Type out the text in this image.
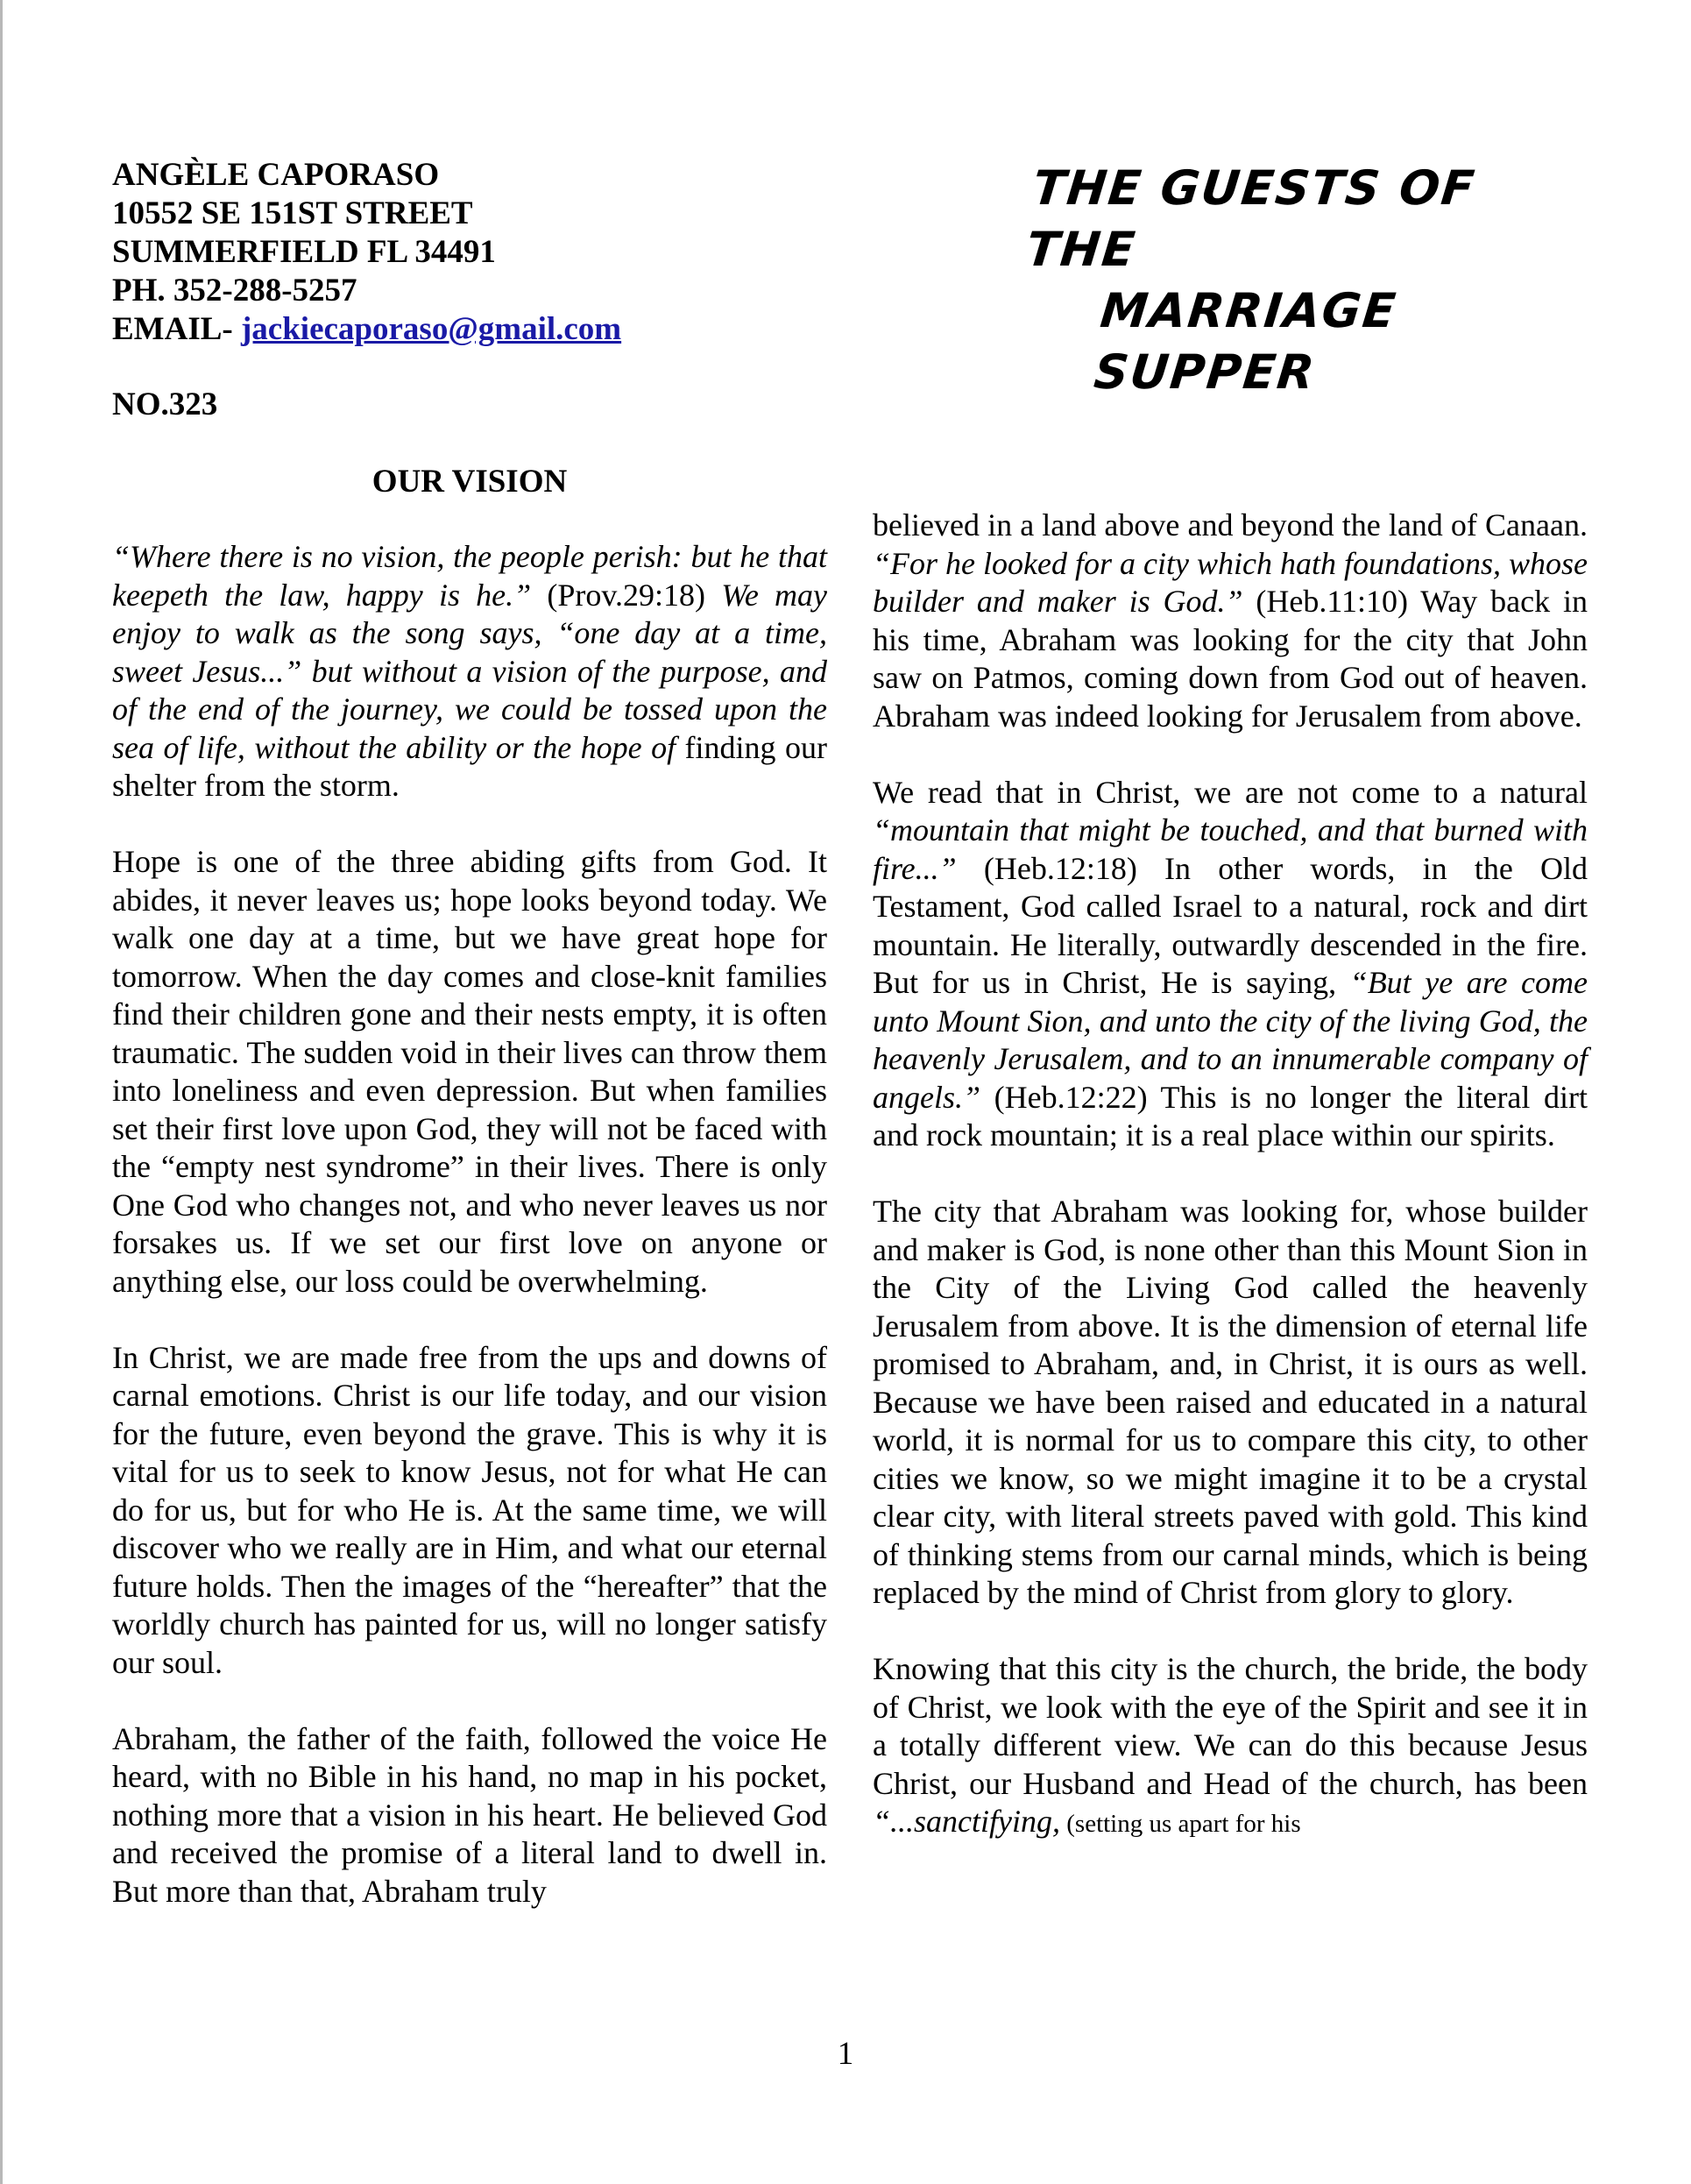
ANGÈLE CAPORASO
10552 SE 151ST STREET
SUMMERFIELD FL 34491
PH. 352-288-5257
EMAIL- jackiecaporaso@gmail.com
THE GUESTS OF THE
MARRIAGE SUPPER
NO.323
OUR VISION

“Where there is no vision, the people perish: but he that keepeth the law, happy is he.” (Prov.29:18) We may enjoy to walk as the song says, “one day at a time, sweet Jesus...” but without a vision of the purpose, and of the end of the journey, we could be tossed upon the sea of life, without the ability or the hope of finding our shelter from the storm.

Hope is one of the three abiding gifts from God. It abides, it never leaves us; hope looks beyond today. We walk one day at a time, but we have great hope for tomorrow. When the day comes and close-knit families find their children gone and their nests empty, it is often traumatic. The sudden void in their lives can throw them into loneliness and even depression. But when families set their first love upon God, they will not be faced with the “empty nest syndrome” in their lives. There is only One God who changes not, and who never leaves us nor forsakes us. If we set our first love on anyone or anything else, our loss could be overwhelming.

In Christ, we are made free from the ups and downs of carnal emotions. Christ is our life today, and our vision for the future, even beyond the grave. This is why it is vital for us to seek to know Jesus, not for what He can do for us, but for who He is. At the same time, we will discover who we really are in Him, and what our eternal future holds. Then the images of the “hereafter” that the worldly church has painted for us, will no longer satisfy our soul.

Abraham, the father of the faith, followed the voice He heard, with no Bible in his hand, no map in his pocket, nothing more that a vision in his heart. He believed God and received the promise of a literal land to dwell in. But more than that, Abraham truly

believed in a land above and beyond the land of Canaan. “For he looked for a city which hath foundations, whose builder and maker is God.” (Heb.11:10) Way back in his time, Abraham was looking for the city that John saw on Patmos, coming down from God out of heaven. Abraham was indeed looking for Jerusalem from above.

We read that in Christ, we are not come to a natural “mountain that might be touched, and that burned with fire...” (Heb.12:18) In other words, in the Old Testament, God called Israel to a natural, rock and dirt mountain. He literally, outwardly descended in the fire. But for us in Christ, He is saying, “But ye are come unto Mount Sion, and unto the city of the living God, the heavenly Jerusalem, and to an innumerable company of angels.” (Heb.12:22) This is no longer the literal dirt and rock mountain; it is a real place within our spirits.

The city that Abraham was looking for, whose builder and maker is God, is none other than this Mount Sion in the City of the Living God called the heavenly Jerusalem from above. It is the dimension of eternal life promised to Abraham, and, in Christ, it is ours as well. Because we have been raised and educated in a natural world, it is normal for us to compare this city, to other cities we know, so we might imagine it to be a crystal clear city, with literal streets paved with gold. This kind of thinking stems from our carnal minds, which is being replaced by the mind of Christ from glory to glory.

Knowing that this city is the church, the bride, the body of Christ, we look with the eye of the Spirit and see it in a totally different view. We can do this because Jesus Christ, our Husband and Head of the church, has been “...sanctifying, (setting us apart for his

1
